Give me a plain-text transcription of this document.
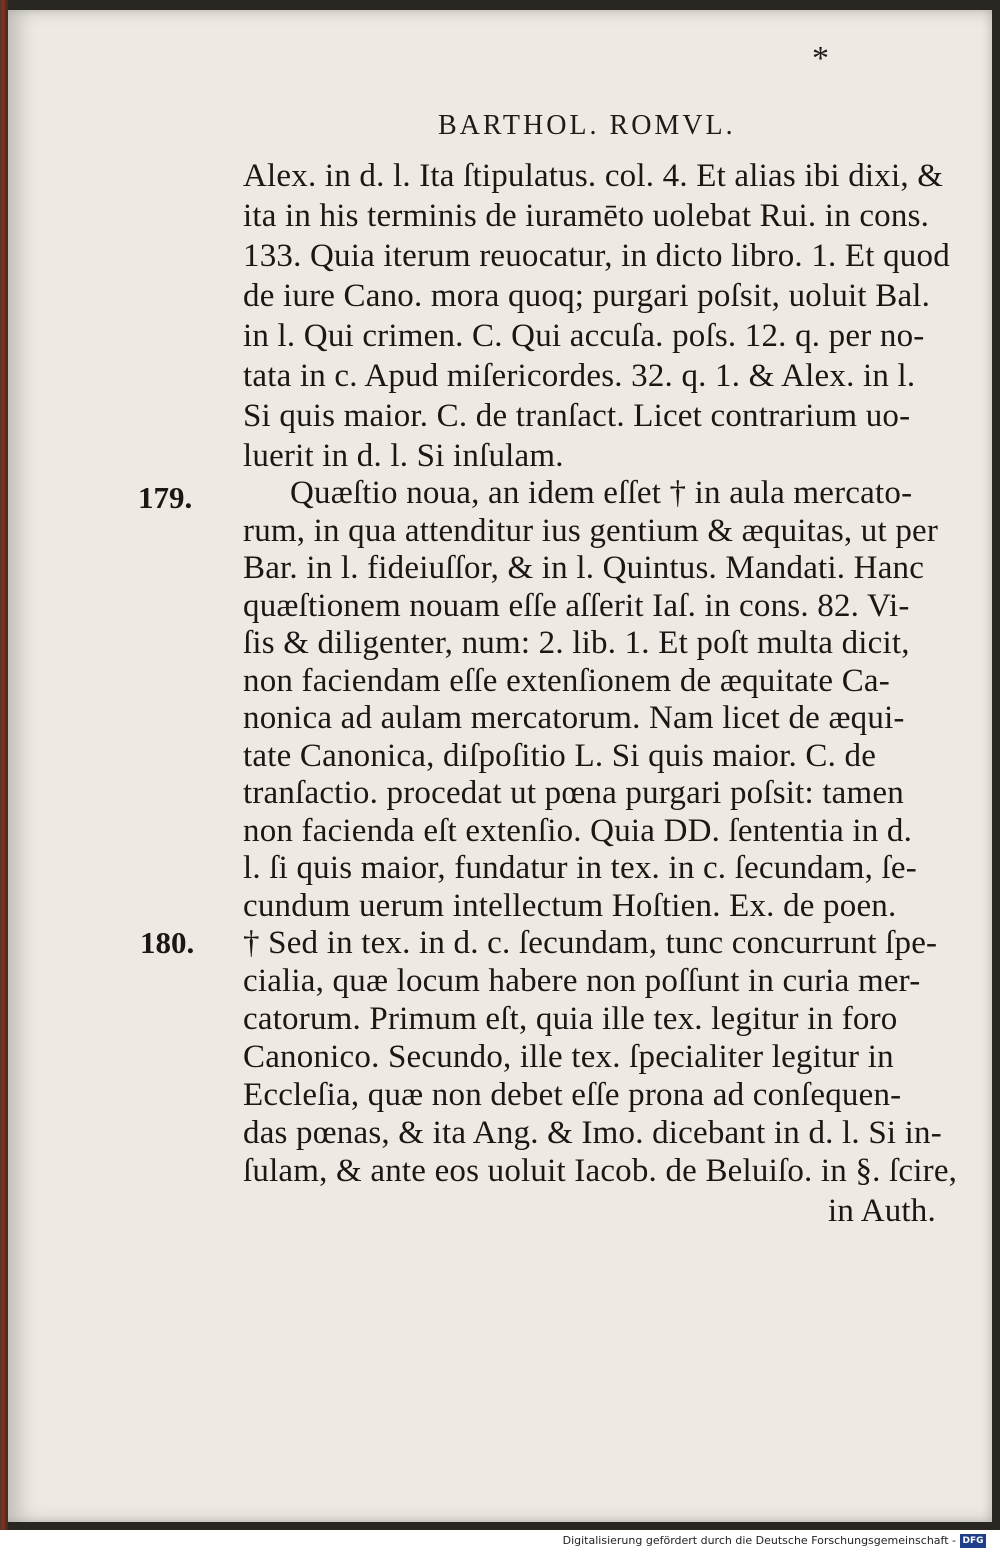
*
BARTHOL. ROMVL.
179.
180.
Alex. in d. l. Ita ſtipulatus. col. 4. Et alias ibi dixi, &
ita in his terminis de iuramēto uolebat Rui. in cons.
133. Quia iterum reuocatur, in dicto libro. 1. Et quod
de iure Cano. mora quoq; purgari poſsit, uoluit Bal.
in l. Qui crimen. C. Qui accuſa. poſs. 12. q. per no-
tata in c. Apud miſericordes. 32. q. 1. & Alex. in l.
Si quis maior. C. de tranſact. Licet contrarium uo-
luerit in d. l. Si inſulam.
Quæſtio noua, an idem eſſet † in aula mercato-
rum, in qua attenditur ius gentium & æquitas, ut per
Bar. in l. fideiuſſor, & in l. Quintus. Mandati. Hanc
quæſtionem nouam eſſe aſſerit Iaſ. in cons. 82. Vi-
ſis & diligenter, num: 2. lib. 1. Et poſt multa dicit,
non faciendam eſſe extenſionem de æquitate Ca-
nonica ad aulam mercatorum. Nam licet de æqui-
tate Canonica, diſpoſitio L. Si quis maior. C. de
tranſactio. procedat ut pœna purgari poſsit: tamen
non facienda eſt extenſio. Quia DD. ſententia in d.
l. ſi quis maior, fundatur in tex. in c. ſecundam, ſe-
cundum uerum intellectum Hoſtien. Ex. de poen.
† Sed in tex. in d. c. ſecundam, tunc concurrunt ſpe-
cialia, quæ locum habere non poſſunt in curia mer-
catorum. Primum eſt, quia ille tex. legitur in foro
Canonico. Secundo, ille tex. ſpecialiter legitur in
Eccleſia, quæ non debet eſſe prona ad conſequen-
das pœnas, & ita Ang. & Imo. dicebant in d. l. Si in-
ſulam, & ante eos uoluit Iacob. de Beluiſo. in §. ſcire,
in Auth.
Digitalisierung gefördert durch die Deutsche Forschungsgemeinschaft - DFG
